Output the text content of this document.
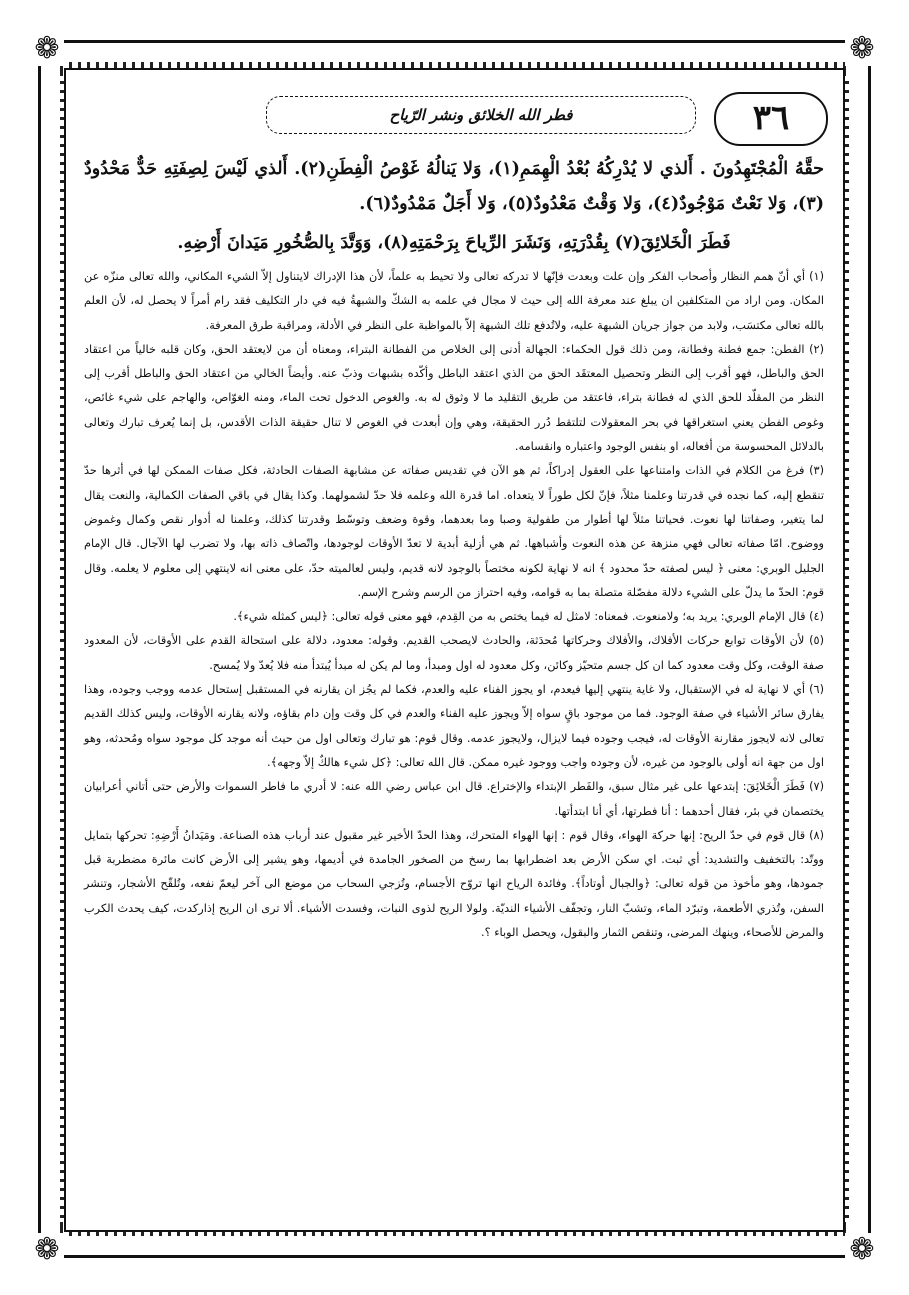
❁	❁
❁	❁
٣٦
فطر الله الخلائق ونشر الرّياح

حقَّهُ الْمُجْتَهِدُونَ . أَلذي لا يُدْرِكُهُ بُعْدُ الْهِمَمِ(١)، وَلا يَنالُهُ غَوْصُ الْفِطَنِ(٢). أَلذي لَيْسَ لِصِفَتِهِ حَدٌّ مَحْدُودٌ (٣)، وَلا نَعْتٌ مَوْجُودٌ(٤)، وَلا وَقْتٌ مَعْدُودٌ(٥)، وَلا أَجَلٌ مَمْدُودٌ(٦).

فَطَرَ الْخَلائِقَ(٧) بِقُدْرَتِهِ، وَنَشَرَ الرِّياحَ بِرَحْمَتِهِ(٨)، وَوَتَّدَ بِالصُّخُورِ مَيَدانَ أَرْضِهِ.

(١) أي أنّ همم النظار وأصحاب الفكر وإن علت وبعدت فإنّها لا تدركه تعالى ولا تحيط به علماً، لأن هذا الإدراك لايتناول إلاّ الشيء المكاني، والله تعالى منزّه عن المكان. ومن اراد من المتكلفين ان يبلغ عند معرفة الله إلى حيث لا مجال في علمه به الشكّ والشبهةُ فيه في دار التكليف فقد رام أمراً لا يحصل له، لأن العلم بالله تعالى مكتسَب، ولابد من جواز جريان الشبهة عليه، ولاتُدفع تلك الشبهة إلاّ بالمواظبة على النظر في الأدلة، ومراقبة طرق المعرفة.

(٢) الفطن: جمع فطنة وفطانة، ومن ذلك قول الحكماء: الجهالة أدنى إلى الخلاص من الفطانة البتراء، ومعناه أن من لايعتقد الحق، وكان قلبه خالياً من اعتقاد الحق والباطل، فهو أقرب إلى النظر وتحصيل المعتقَد الحق من الذي اعتقد الباطل وأكّده بشبهات وذبّ عنه. وأيضاً الخالي من اعتقاد الحق والباطل أقرب إلى النظر من المقلّد للحق الذي له فطانة بتراء، فاعتقد من طريق التقليد ما لا وثوق له به. والغوص الدخول تحت الماء، ومنه الغوّاص، والهاجم على شيء غائص، وغوص الفطن يعني استغراقها في بحر المعقولات لتلتقط دُرر الحقيقة، وهي وإن أبعدت في الغوص لا تنال حقيقة الذات الأقدس، بل إنما يُعرف تبارك وتعالى بالدلائل المحسوسة من أفعاله، او بنفس الوجود واعتباره وانقسامه.

(٣) فرغ من الكلام في الذات وامتناعها على العقول إدراكاً، ثم هو الآن في تقديس صفاته عن مشابهة الصفات الحادثة، فكل صفات الممكن لها في أثرها حدّ تنقطع إليه، كما نجده في قدرتنا وعلمنا مثلاً، فإنّ لكل طوراً لا يتعداه. اما قدرة الله وعلمه فلا حدّ لشمولهما. وكذا يقال في باقي الصفات الكمالية، والنعت يقال لما يتغير، وصفاتنا لها نعوت. فحياتنا مثلاً لها أطوار من طفولية وصبا وما بعدهما، وقوة وضعف وتوسّط وقدرتنا كذلك، وعلمنا له أدوار نقص وكمال وغموض ووضوح. امّا صفاته تعالى فهي منزهة عن هذه النعوت وأشباهها. ثم هي أزلية أبدية لا تعدّ الأوقات لوجودها، واتّصاف ذاته بها، ولا تضرب لها الآجال. قال الإمام الجليل الوبري: معنى ﴿ ليس لصفته حدّ محدود ﴾ انه لا نهاية لكونه مختصاً بالوجود لانه قديم، وليس لعالميته حدّ، على معنى انه لاينتهي إلى معلوم لا يعلمه. وقال قوم: الحدّ ما يدلّ على الشيء دلالة مفصّلة متصلة بما به قوامه، وفيه احتراز من الرسم وشرح الإسم.

(٤) قال الإمام الوبري: يريد به؛ ولامنعوت. فمعناه: لامثل له فيما يختص به من القِدم، فهو معنى قوله تعالى: ﴿ليس كمثله شيء﴾.

(٥) لأن الأوقات توابع حركات الأفلاك، والأفلاك وحركاتها مُحدَثة، والحادث لايصحب القديم. وقوله: معدود، دلالة على استحالة القدم على الأوقات، لأن المعدود صفة الوقت، وكل وقت معدود كما ان كل جسم متحيّز وكائن، وكل معدود له اول ومبدأ، وما لم يكن له مبدأ يُبتدأ منه فلا يُعدّ ولا يُمسح.

(٦) أي لا نهاية له في الإستقبال، ولا غاية ينتهي إليها فيعدم، او يجوز الفناء عليه والعدم، فكما لم يجُز ان يقارنه في المستقبل إستحال عدمه ووجب وجوده، وهذا يفارق سائر الأشياء في صفة الوجود. فما من موجود باقٍ سواه إلاّ ويجوز عليه الفناء والعدم في كل وقت وإن دام بقاؤه، ولانه يقارنه الأوقات، وليس كذلك القديم تعالى لانه لايجوز مقارنة الأوقات له، فيجب وجوده فيما لايزال، ولايجوز عدمه. وقال قوم: هو تبارك وتعالى اول من حيث أنه موجد كل موجود سواه ومُحدثه، وهو اول من جهة انه أولى بالوجود من غيره، لأن وجوده واجب ووجود غيره ممكن. قال الله تعالى: ﴿كل شيء هالكٌ إلاّ وجهه﴾.

(٧) فَطَرَ الْخَلائِقَ: إبتدعها على غير مثال سبق، والفَطر الإبتداء والإختراع. قال ابن عباس رضي الله عنه: لا أدري ما فاطر السموات والأرض حتى أتاني أعرابيان يختصمان في بئر، فقال أحدهما : أنا فطرتها، أي أنا ابتدأتها.

(٨) قال قوم في حدّ الريح: إنها حركة الهواء، وقال قوم : إنها الهواء المتحرك، وهذا الحدّ الأخير غير مقبول عند أرباب هذه الصناعة. ومَيَدانُ أَرْضِهِ: تحركها بتمايل ووتّد: بالتخفيف والتشديد: أي ثبت. اي سكن الأرض بعد اضطرابها بما رسخ من الصخور الجامدة في أديمها، وهو يشير إلى الأرض كانت مائرة مضطربة قبل جمودها، وهو مأخوذ من قوله تعالى: ﴿والجبال أوتاداً﴾. وفائدة الرياح انها تروّح الأجسام، وتُزجي السحاب من موضع الى آخر ليعمّ نفعه، وتُلقّح الأشجار، وتنشر السفن، وتُذري الأطعمة، وتبرّد الماء، وتشبّ النار، وتجفّف الأشياء النديّة. ولولا الريح لذوى النبات، وفسدت الأشياء. ألا ترى ان الريح إذاركدت، كيف يحدث الكرب والمرض للأصحاء، وينهك المرضى، وتنقص الثمار والبقول، ويحصل الوباء ؟.
